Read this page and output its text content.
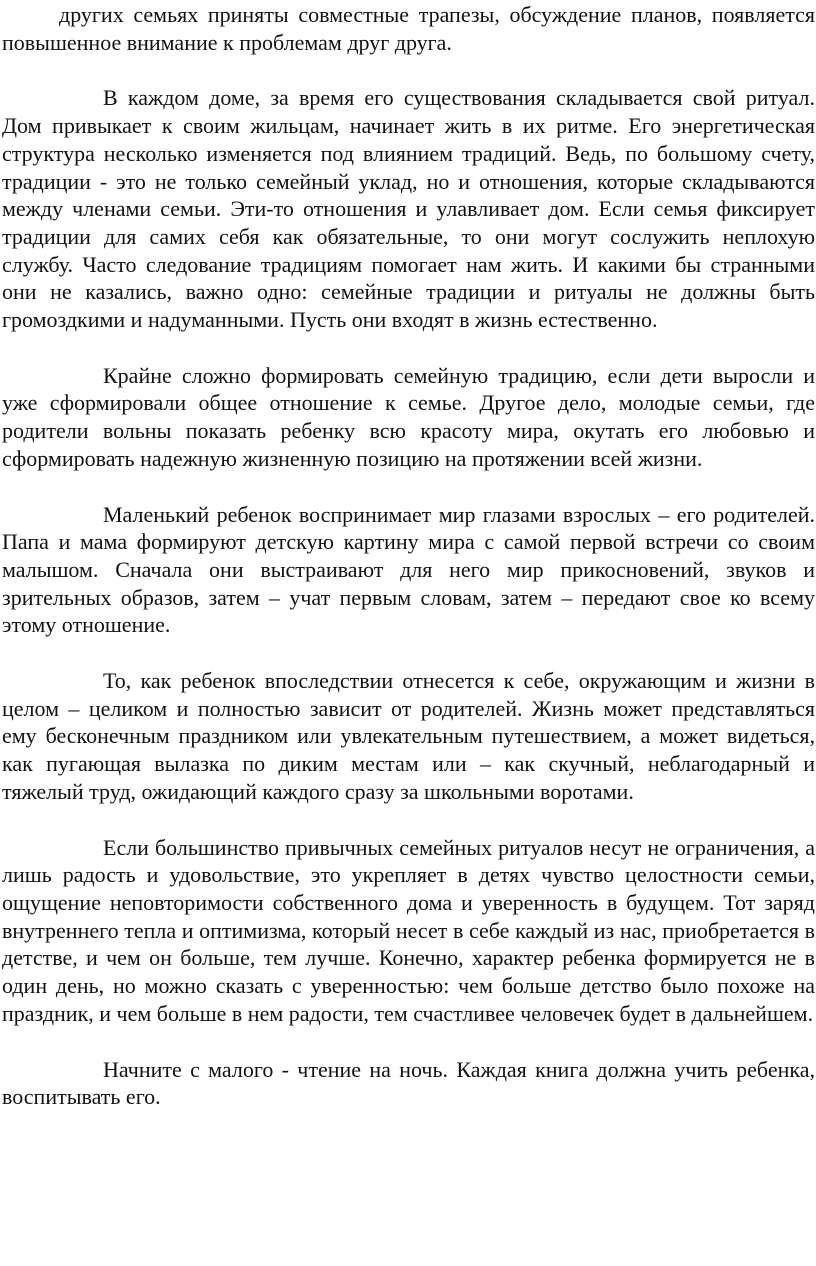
других семьях приняты совместные трапезы, обсуждение планов, появляется повышенное внимание к проблемам друг друга.

В каждом доме, за время его существования складывается свой ритуал. Дом привыкает к своим жильцам, начинает жить в их ритме. Его энергетическая структура несколько изменяется под влиянием традиций. Ведь, по большому счету, традиции - это не только семейный уклад, но и отношения, которые складываются между членами семьи. Эти-то отношения и улавливает дом. Если семья фиксирует традиции для самих себя как обязательные, то они могут сослужить неплохую службу. Часто следование традициям помогает нам жить. И какими бы странными они не казались, важно одно: семейные традиции и ритуалы не должны быть громоздкими и надуманными. Пусть они входят в жизнь естественно.

Крайне сложно формировать семейную традицию, если дети выросли и уже сформировали общее отношение к семье. Другое дело, молодые семьи, где родители вольны показать ребенку всю красоту мира, окутать его любовью и сформировать надежную жизненную позицию на протяжении всей жизни.

Маленький ребенок воспринимает мир глазами взрослых – его родителей. Папа и мама формируют детскую картину мира с самой первой встречи со своим малышом. Сначала они выстраивают для него мир прикосновений, звуков и зрительных образов, затем – учат первым словам, затем – передают свое ко всему этому отношение.

То, как ребенок впоследствии отнесется к себе, окружающим и жизни в целом – целиком и полностью зависит от родителей. Жизнь может представляться ему бесконечным праздником или увлекательным путешествием, а может видеться, как пугающая вылазка по диким местам или – как скучный, неблагодарный и тяжелый труд, ожидающий каждого сразу за школьными воротами.

Если большинство привычных семейных ритуалов несут не ограничения, а лишь радость и удовольствие, это укрепляет в детях чувство целостности семьи, ощущение неповторимости собственного дома и уверенность в будущем. Тот заряд внутреннего тепла и оптимизма, который несет в себе каждый из нас, приобретается в детстве, и чем он больше, тем лучше. Конечно, характер ребенка формируется не в один день, но можно сказать с уверенностью: чем больше детство было похоже на праздник, и чем больше в нем радости, тем счастливее человечек будет в дальнейшем.

Начните с малого - чтение на ночь. Каждая книга должна учить ребенка, воспитывать его.
